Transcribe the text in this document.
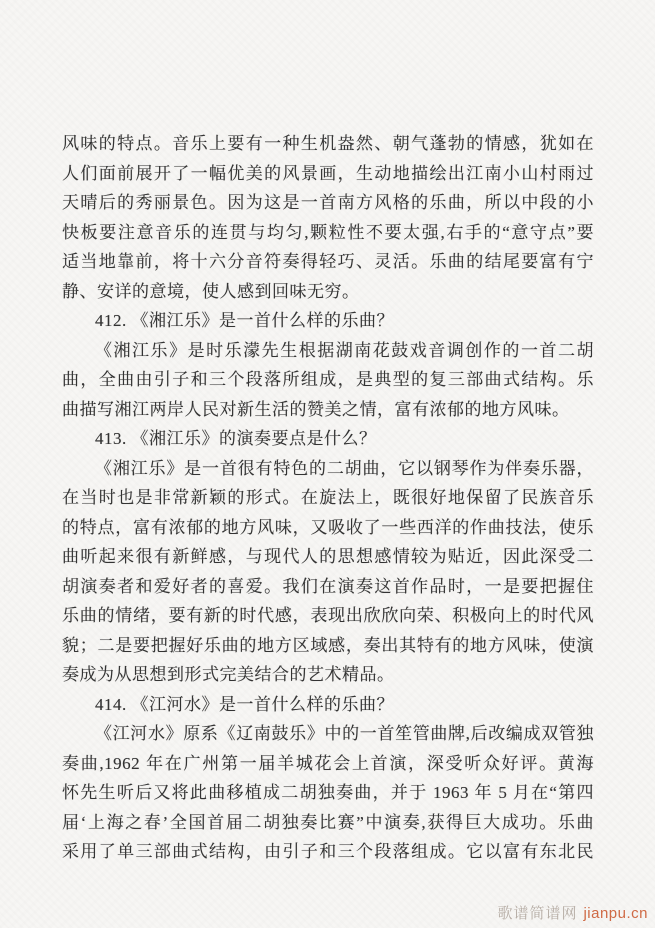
风味的特点。音乐上要有一种生机盎然、朝气蓬勃的情感，犹如在
人们面前展开了一幅优美的风景画，生动地描绘出江南小山村雨过
天晴后的秀丽景色。因为这是一首南方风格的乐曲，所以中段的小
快板要注意音乐的连贯与均匀,颗粒性不要太强,右手的“意守点”要
适当地靠前，将十六分音符奏得轻巧、灵活。乐曲的结尾要富有宁
静、安详的意境，使人感到回味无穷。
412. 《湘江乐》是一首什么样的乐曲？
《湘江乐》是时乐濛先生根据湖南花鼓戏音调创作的一首二胡
曲，全曲由引子和三个段落所组成，是典型的复三部曲式结构。乐
曲描写湘江两岸人民对新生活的赞美之情，富有浓郁的地方风味。
413. 《湘江乐》的演奏要点是什么？
《湘江乐》是一首很有特色的二胡曲，它以钢琴作为伴奏乐器，
在当时也是非常新颖的形式。在旋法上，既很好地保留了民族音乐
的特点，富有浓郁的地方风味，又吸收了一些西洋的作曲技法，使乐
曲听起来很有新鲜感，与现代人的思想感情较为贴近，因此深受二
胡演奏者和爱好者的喜爱。我们在演奏这首作品时，一是要把握住
乐曲的情绪，要有新的时代感，表现出欣欣向荣、积极向上的时代风
貌；二是要把握好乐曲的地方区域感，奏出其特有的地方风味，使演
奏成为从思想到形式完美结合的艺术精品。
414. 《江河水》是一首什么样的乐曲？
《江河水》原系《辽南鼓乐》中的一首笙管曲牌,后改编成双管独
奏曲,1962 年在广州第一届羊城花会上首演，深受听众好评。黄海
怀先生听后又将此曲移植成二胡独奏曲，并于 1963 年 5 月在“第四
届‘上海之春’全国首届二胡独奏比赛”中演奏,获得巨大成功。乐曲
采用了单三部曲式结构，由引子和三个段落组成。它以富有东北民
歌谱简谱网 jianpu.cn
